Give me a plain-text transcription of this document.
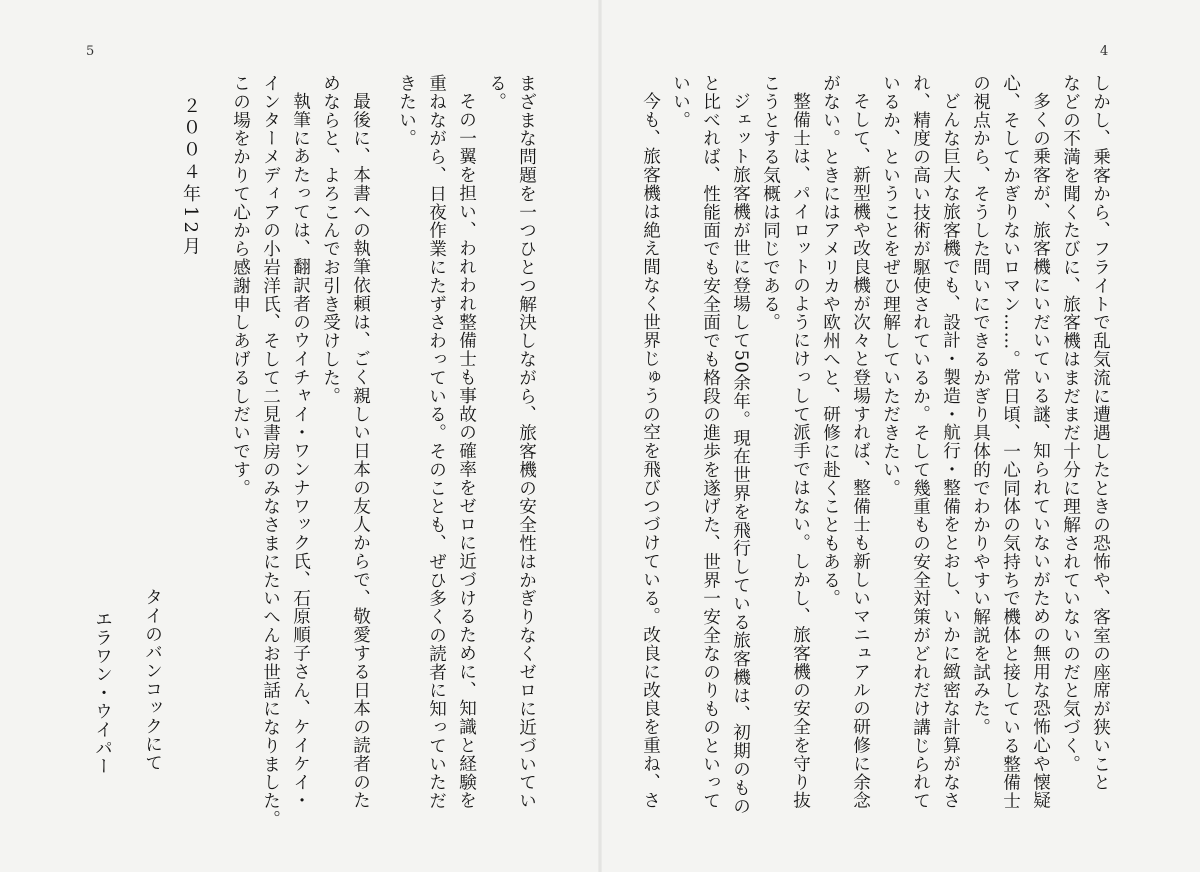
5
まざまな問題を一つひとつ解決しながら、旅客機の安全性はかぎりなくゼロに近づいてい
る。
その一翼を担い、われわれ整備士も事故の確率をゼロに近づけるために、知識と経験を
重ねながら、日夜作業にたずさわっている。そのことも、ぜひ多くの読者に知っていただ
きたい。
最後に、本書への執筆依頼は、ごく親しい日本の友人からで、敬愛する日本の読者のた
めならと、よろこんでお引き受けした。
執筆にあたっては、翻訳者のウイチャイ・ワンナワック氏、石原順子さん、ケイケイ・
インターメディアの小岩洋氏、そして二見書房のみなさまにたいへんお世話になりました。
この場をかりて心から感謝申しあげるしだいです。
２００４年12月
タイのバンコックにて
エラワン・ウイパー
4
しかし、乗客から、フライトで乱気流に遭遇したときの恐怖や、客室の座席が狭いこと
などの不満を聞くたびに、旅客機はまだまだ十分に理解されていないのだと気づく。
多くの乗客が、旅客機にいだいている謎、知られていないがための無用な恐怖心や懐疑
心、そしてかぎりないロマン……。常日頃、一心同体の気持ちで機体と接している整備士
の視点から、そうした問いにできるかぎり具体的でわかりやすい解説を試みた。
どんな巨大な旅客機でも、設計・製造・航行・整備をとおし、いかに緻密な計算がなさ
れ、精度の高い技術が駆使されているか。そして幾重もの安全対策がどれだけ講じられて
いるか、ということをぜひ理解していただきたい。
そして、新型機や改良機が次々と登場すれば、整備士も新しいマニュアルの研修に余念
がない。ときにはアメリカや欧州へと、研修に赴くこともある。
整備士は、パイロットのようにけっして派手ではない。しかし、旅客機の安全を守り抜
こうとする気概は同じである。
ジェット旅客機が世に登場して50余年。現在世界を飛行している旅客機は、初期のもの
と比べれば、性能面でも安全面でも格段の進歩を遂げた、世界一安全なのりものといって
いい。
今も、旅客機は絶え間なく世界じゅうの空を飛びつづけている。改良に改良を重ね、さ
